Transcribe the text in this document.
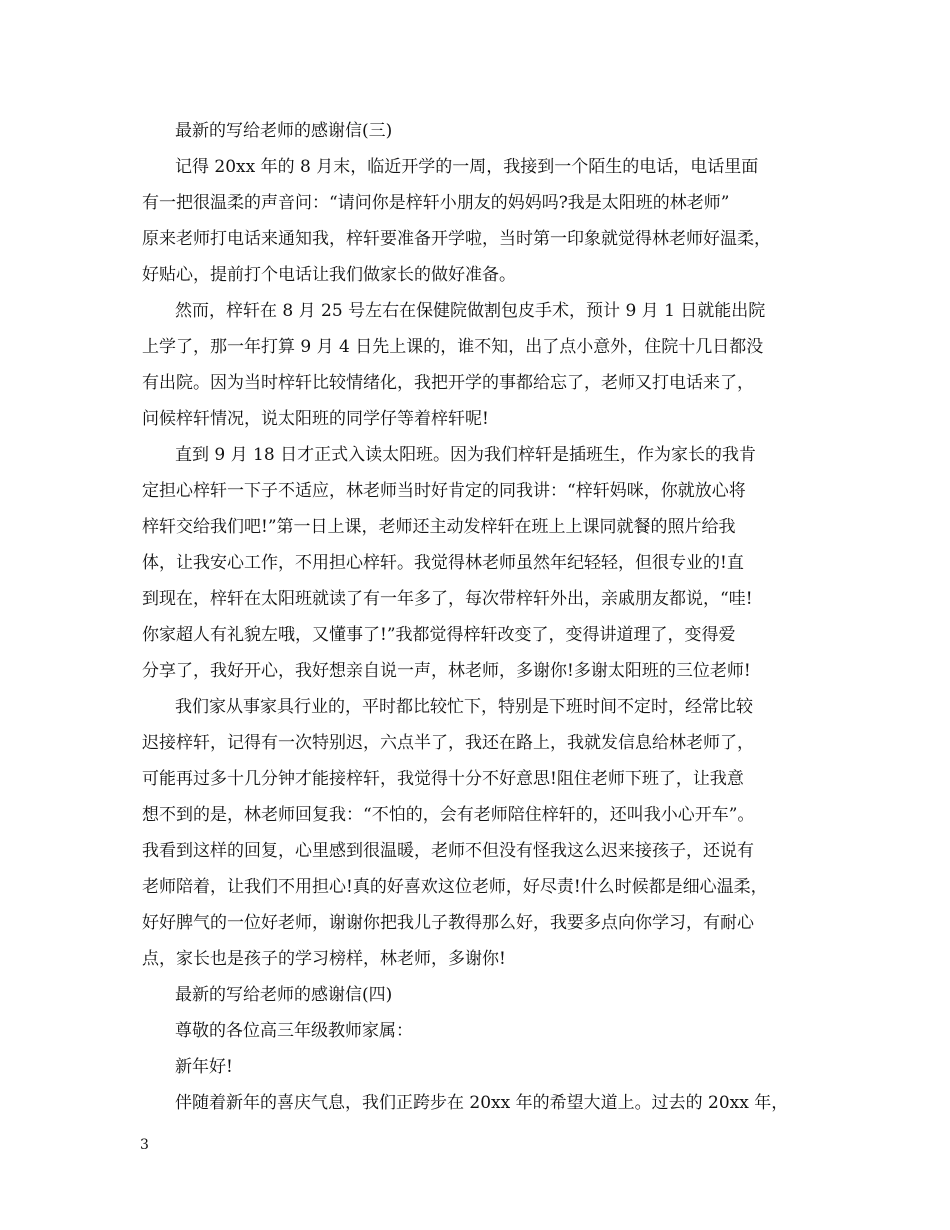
最新的写给老师的感谢信(三)
记得 20xx 年的 8 月末，临近开学的一周，我接到一个陌生的电话，电话里面
有一把很温柔的声音问：“请问你是梓轩小朋友的妈妈吗?我是太阳班的林老师”
原来老师打电话来通知我，梓轩要准备开学啦，当时第一印象就觉得林老师好温柔，
好贴心，提前打个电话让我们做家长的做好准备。
然而，梓轩在 8 月 25 号左右在保健院做割包皮手术，预计 9 月 1 日就能出院
上学了，那一年打算 9 月 4 日先上课的，谁不知，出了点小意外，住院十几日都没
有出院。因为当时梓轩比较情绪化，我把开学的事都给忘了，老师又打电话来了，
问候梓轩情况，说太阳班的同学仔等着梓轩呢!
直到 9 月 18 日才正式入读太阳班。因为我们梓轩是插班生，作为家长的我肯
定担心梓轩一下子不适应，林老师当时好肯定的同我讲：“梓轩妈咪，你就放心将
梓轩交给我们吧!”第一日上课，老师还主动发梓轩在班上上课同就餐的照片给我
体，让我安心工作，不用担心梓轩。我觉得林老师虽然年纪轻轻，但很专业的!直
到现在，梓轩在太阳班就读了有一年多了，每次带梓轩外出，亲戚朋友都说，“哇!
你家超人有礼貌左哦，又懂事了!”我都觉得梓轩改变了，变得讲道理了，变得爱
分享了，我好开心，我好想亲自说一声，林老师，多谢你!多谢太阳班的三位老师!
我们家从事家具行业的，平时都比较忙下，特别是下班时间不定时，经常比较
迟接梓轩，记得有一次特别迟，六点半了，我还在路上，我就发信息给林老师了，
可能再过多十几分钟才能接梓轩，我觉得十分不好意思!阻住老师下班了，让我意
想不到的是，林老师回复我：“不怕的，会有老师陪住梓轩的，还叫我小心开车”。
我看到这样的回复，心里感到很温暖，老师不但没有怪我这么迟来接孩子，还说有
老师陪着，让我们不用担心!真的好喜欢这位老师，好尽责!什么时候都是细心温柔，
好好脾气的一位好老师，谢谢你把我儿子教得那么好，我要多点向你学习，有耐心
点，家长也是孩子的学习榜样，林老师，多谢你!
最新的写给老师的感谢信(四)
尊敬的各位高三年级教师家属：
新年好!
伴随着新年的喜庆气息，我们正跨步在 20xx 年的希望大道上。过去的 20xx 年，
3
